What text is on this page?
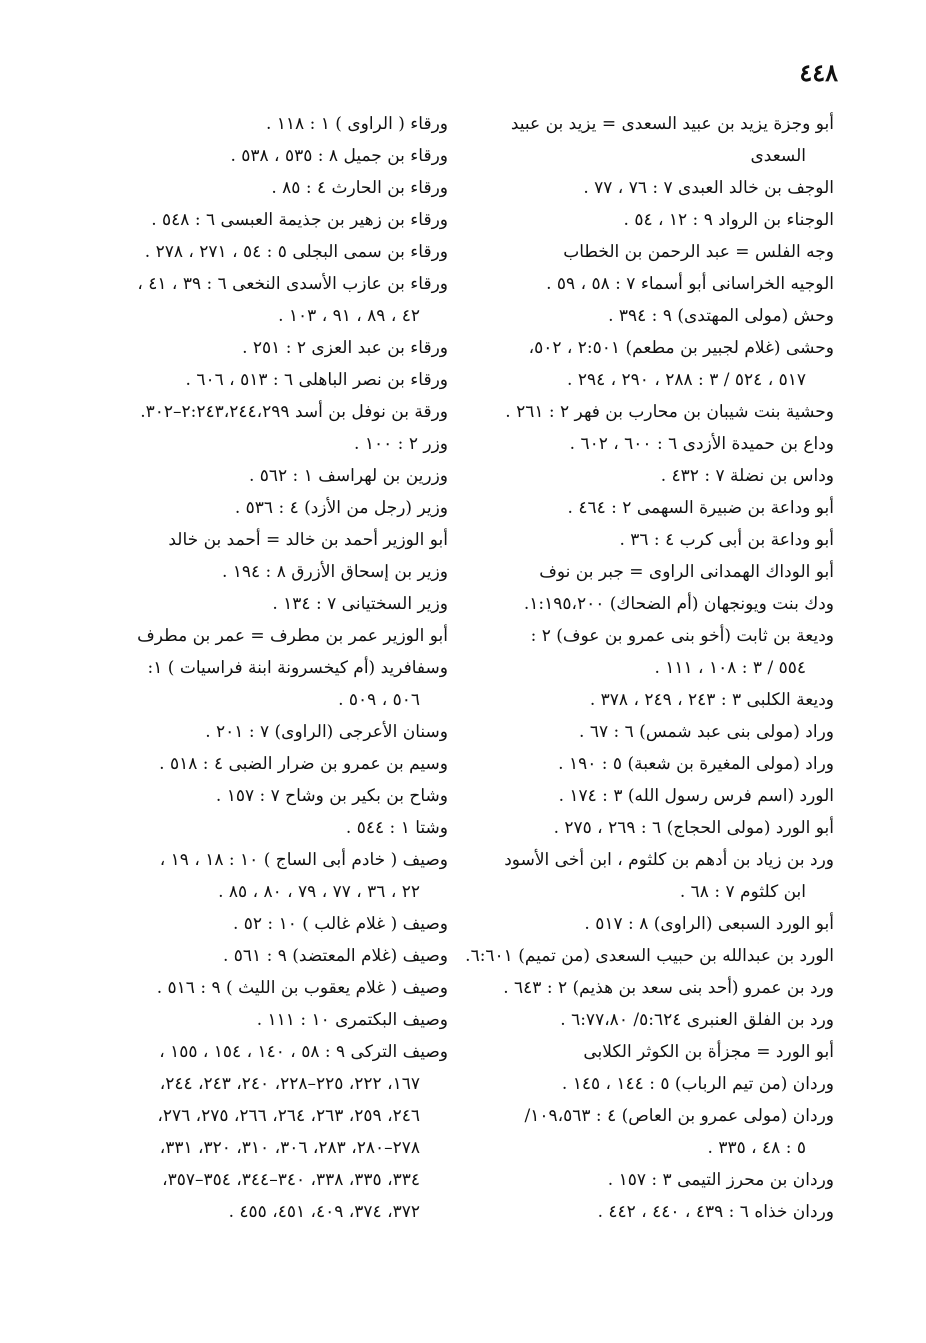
٤٤٨
أبو وجزة يزيد بن عبيد السعدى = يزيد بن عبيد
السعدى
الوجف بن خالد العبدى ٧ : ٧٦ ، ٧٧ .
الوجناء بن الرواد ٩ : ١٢ ، ٥٤ .
وجه الفلس = عبد الرحمن بن الخطاب
الوجيه الخراسانى أبو أسماء ٧ : ٥٨ ، ٥٩ .
وحش (مولى المهتدى) ٩ : ٣٩٤ .
وحشى (غلام لجبير بن مطعم) ٢:٥٠١ ، ٥٠٢،
٥١٧ ، ٥٢٤ / ٣ : ٢٨٨ ، ٢٩٠ ، ٢٩٤ .
وحشية بنت شيبان بن محارب بن فهر ٢ : ٢٦١ .
وداع بن حميدة الأزدى ٦ : ٦٠٠ ، ٦٠٢ .
وداس بن نضلة ٧ : ٤٣٢ .
أبو وداعة بن ضبيرة السهمى ٢ : ٤٦٤ .
أبو وداعة بن أبى كرب ٤ : ٣٦ .
أبو الوداك الهمدانى الراوى = جبر بن نوف
ودك بنت ويونجهان (أم الضحاك) ١:١٩٥،٢٠٠.
وديعة بن ثابت (أخو بنى عمرو بن عوف) ٢ :
٥٥٤ / ٣ : ١٠٨ ، ١١١ .
وديعة الكلبى ٣ : ٢٤٣ ، ٢٤٩ ، ٣٧٨ .
وراد (مولى بنى عبد شمس) ٦ : ٦٧ .
وراد (مولى المغيرة بن شعبة) ٥ : ١٩٠ .
الورد (اسم فرس رسول الله) ٣ : ١٧٤ .
أبو الورد (مولى الحجاج) ٦ : ٢٦٩ ، ٢٧٥ .
ورد بن زياد بن أدهم بن كلثوم ، ابن أخى الأسود
ابن كلثوم ٧ : ٦٨ .
أبو الورد السبعى (الراوى) ٨ : ٥١٧ .
الورد بن عبدالله بن حبيب السعدى (من تميم) ٦:٦٠١.
ورد بن عمرو (أحد بنى سعد بن هذيم) ٢ : ٦٤٣ .
ورد بن الفلق العنبرى ٥:٦٢٤/ ٦:٧٧،٨٠ .
أبو الورد = مجزأة بن الكوثر الكلابى
وردان (من تيم الرباب) ٥ : ١٤٤ ، ١٤٥ .
وردان (مولى عمرو بن العاص) ٤ : ١٠٩،٥٦٣/
٥ : ٤٨ ، ٣٣٥ .
وردان بن محرز التيمى ٣ : ١٥٧ .
وردان خذاه ٦ : ٤٣٩ ، ٤٤٠ ، ٤٤٢ .
ورقاء ( الراوى ) ١ : ١١٨ .
ورقاء بن جميل ٨ : ٥٣٥ ، ٥٣٨ .
ورقاء بن الحارث ٤ : ٨٥ .
ورقاء بن زهير بن جذيمة العبسى ٦ : ٥٤٨ .
ورقاء بن سمى البجلى ٥ : ٥٤ ، ٢٧١ ، ٢٧٨ .
ورقاء بن عازب الأسدى النخعى ٦ : ٣٩ ، ٤١ ،
٤٢ ، ٨٩ ، ٩١ ، ١٠٣ .
ورقاء بن عبد العزى ٢ : ٢٥١ .
ورقاء بن نصر الباهلى ٦ : ٥١٣ ، ٦٠٦ .
ورقة بن نوفل بن أسد ٢:٢٤٣،٢٤٤،٢٩٩–٣٠٢.
وزر ٢ : ١٠٠ .
وزرين بن لهراسف ١ : ٥٦٢ .
وزير (رجل من الأزد) ٤ : ٥٣٦ .
أبو الوزير أحمد بن خالد = أحمد بن خالد
وزير بن إسحاق الأزرق ٨ : ١٩٤ .
وزير السختيانى ٧ : ١٣٤ .
أبو الوزير عمر بن مطرف = عمر بن مطرف
وسفافريد (أم كيخسرونة ابنة فراسيات ) ١:
٥٠٦ ، ٥٠٩ .
وسنان الأعرجى (الراوى) ٧ : ٢٠١ .
وسيم بن عمرو بن ضرار الضبى ٤ : ٥١٨ .
وشاح بن بكير بن وشاح ٧ : ١٥٧ .
وشتا ١ : ٥٤٤ .
وصيف ( خادم أبى الساج ) ١٠ : ١٨ ، ١٩ ،
٢٢ ، ٣٦ ، ٧٧ ، ٧٩ ، ٨٠ ، ٨٥ .
وصيف ( غلام غالب ) ١٠ : ٥٢ .
وصيف (غلام المعتضد) ٩ : ٥٦١ .
وصيف ( غلام يعقوب بن الليث ) ٩ : ٥١٦ .
وصيف البكتمرى ١٠ : ١١١ .
وصيف التركى ٩ : ٥٨ ، ١٤٠ ، ١٥٤ ، ١٥٥ ،
١٦٧، ٢٢٢، ٢٢٥–٢٢٨، ٢٤٠، ٢٤٣، ٢٤٤،
٢٤٦، ٢٥٩، ٢٦٣، ٢٦٤، ٢٦٦، ٢٧٥، ٢٧٦،
٢٧٨–٢٨٠، ٢٨٣، ٣٠٦، ٣١٠، ٣٢٠، ٣٣١،
٣٣٤، ٣٣٥، ٣٣٨، ٣٤٠–٣٤٤، ٣٥٤–٣٥٧،
٣٧٢، ٣٧٤، ٤٠٩، ٤٥١، ٤٥٥ .
